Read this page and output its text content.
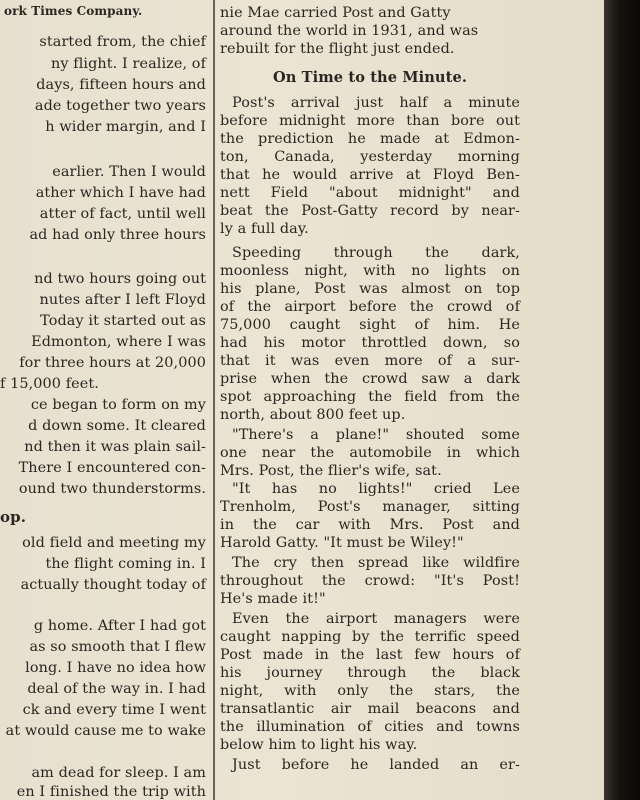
ork Times Company.
started from, the chief
ny flight. I realize, of
days, fifteen hours and
ade together two years
h wider margin, and I
earlier. Then I would
ather which I have had
atter of fact, until well
ad had only three hours
nd two hours going out
nutes after I left Floyd
Today it started out as
Edmonton, where I was
for three hours at 20,000
f 15,000 feet.
ce began to form on my
d down some. It cleared
nd then it was plain sail-
There I encountered con-
ound two thunderstorms.
op.
old field and meeting my
the flight coming in. I
actually thought today of
g home. After I had got
as so smooth that I flew
long. I have no idea how
deal of the way in. I had
ck and every time I went
at would cause me to wake
am dead for sleep. I am
en I finished the trip with
nie Mae carried Post and Gatty
around the world in 1931, and was
rebuilt for the flight just ended.
On Time to the Minute.
Post's arrival just half a minute
before midnight more than bore out
the prediction he made at Edmon-
ton, Canada, yesterday morning
that he would arrive at Floyd Ben-
nett Field "about midnight" and
beat the Post-Gatty record by near-
ly a full day.
Speeding through the dark,
moonless night, with no lights on
his plane, Post was almost on top
of the airport before the crowd of
75,000 caught sight of him. He
had his motor throttled down, so
that it was even more of a sur-
prise when the crowd saw a dark
spot approaching the field from the
north, about 800 feet up.
"There's a plane!" shouted some
one near the automobile in which
Mrs. Post, the flier's wife, sat.
"It has no lights!" cried Lee
Trenholm, Post's manager, sitting
in the car with Mrs. Post and
Harold Gatty. "It must be Wiley!"
The cry then spread like wildfire
throughout the crowd: "It's Post!
He's made it!"
Even the airport managers were
caught napping by the terrific speed
Post made in the last few hours of
his journey through the black
night, with only the stars, the
transatlantic air mail beacons and
the illumination of cities and towns
below him to light his way.
Just before he landed an er-
